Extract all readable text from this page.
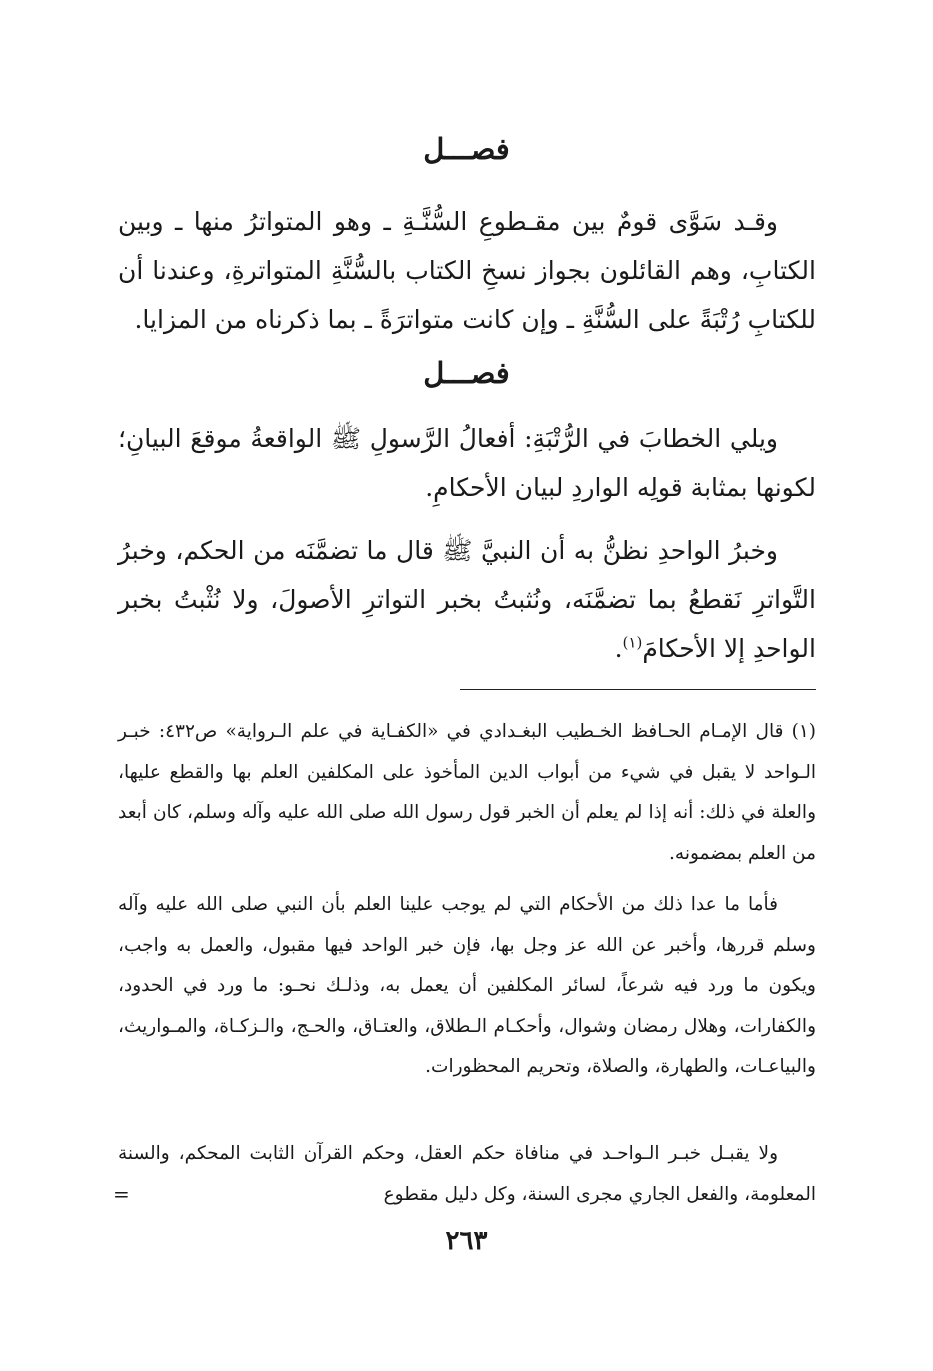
فصـــل

وقـد سَوَّى قومٌ بين مقـطوعِ السُّنَّـةِ ـ وهو المتواترُ منها ـ وبين الكتابِ، وهم القائلون بجواز نسخِ الكتاب بالسُّنَّةِ المتواترةِ، وعندنا أن للكتابِ رُتْبَةً على السُّنَّةِ ـ وإن كانت متواترَةً ـ بما ذكرناه من المزايا.

فصـــل

ويلي الخطابَ في الرُّتْبَةِ: أفعالُ الرَّسولِ ﷺ الواقعةُ موقعَ البيانِ؛ لكونها بمثابة قولِه الواردِ لبيان الأحكامِ.

وخبرُ الواحدِ نظنُّ به أن النبيَّ ﷺ قال ما تضمَّنَه من الحكم، وخبرُ التَّواترِ نَقطعُ بما تضمَّنَه، ونُثبتُ بخبر التواترِ الأصولَ، ولا نُثْبتُ بخبر الواحدِ إلا الأحكامَ$^{(١)}$.

(١) قال الإمـام الحـافظ الخـطيب البغـدادي في «الكفـاية في علم الـرواية» ص٤٣٢: خبـر الـواحد لا يقبل في شيء من أبواب الدين المأخوذ على المكلفين العلم بها والقطع عليها، والعلة في ذلك: أنه إذا لم يعلم أن الخبر قول رسول الله صلى الله عليه وآله وسلم، كان أبعد من العلم بمضمونه.

فأما ما عدا ذلك من الأحكام التي لم يوجب علينا العلم بأن النبي صلى الله عليه وآله وسلم قررها، وأخبر عن الله عز وجل بها، فإن خبر الواحد فيها مقبول، والعمل به واجب، ويكون ما ورد فيه شرعاً، لسائر المكلفين أن يعمل به، وذلـك نحـو: ما ورد في الحدود، والكفارات، وهلال رمضان وشوال، وأحكـام الـطلاق، والعتـاق، والحـج، والـزكـاة، والمـواريث، والبياعـات، والطهارة، والصلاة، وتحريم المحظورات.

ولا يقبـل خبـر الـواحـد في منافاة حكم العقل، وحكم القرآن الثابت المحكم، والسنة المعلومة، والفعل الجاري مجرى السنة، وكل دليل مقطوع

=
٢٦٣
